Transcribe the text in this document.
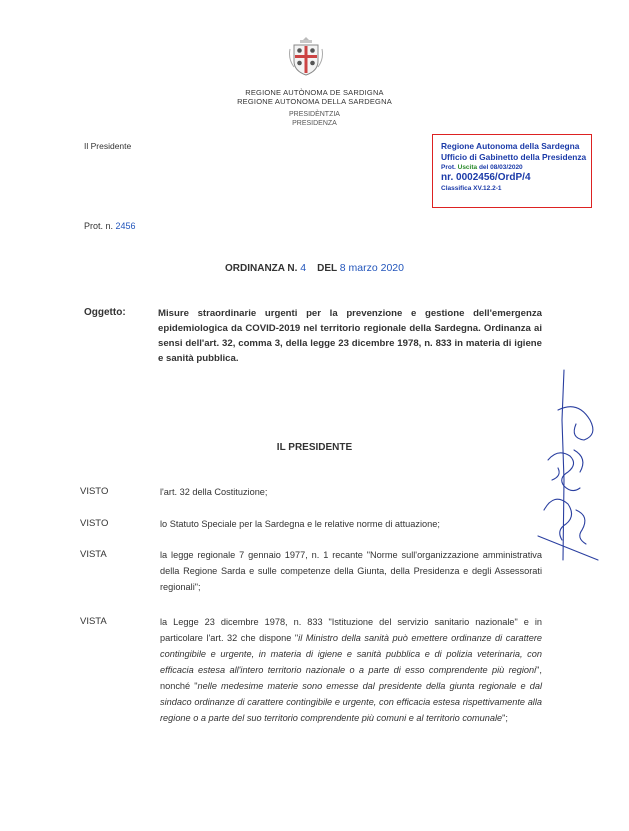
REGIONE AUTÒNOMA DE SARDIGNA
REGIONE AUTONOMA DELLA SARDEGNA
PRESIDÈNTZIA
PRESIDENZA
Il Presidente	Regione Autonoma della Sardegna
Ufficio di Gabinetto della Presidenza
Prot. Uscita del 08/03/2020
nr. 0002456/OrdP/4
Classifica XV.12.2-1
Prot. n. 2456
ORDINANZA N. 4 DEL 8 marzo 2020
Oggetto:	Misure straordinarie urgenti per la prevenzione e gestione dell'emergenza epidemiologica da COVID-2019 nel territorio regionale della Sardegna. Ordinanza ai sensi dell'art. 32, comma 3, della legge 23 dicembre 1978, n. 833 in materia di igiene e sanità pubblica.
IL PRESIDENTE
VISTO	l'art. 32 della Costituzione;
VISTO	lo Statuto Speciale per la Sardegna e le relative norme di attuazione;
VISTA	la legge regionale 7 gennaio 1977, n. 1 recante "Norme sull'organizzazione amministrativa della Regione Sarda e sulle competenze della Giunta, della Presidenza e degli Assessorati regionali";
VISTA	la Legge 23 dicembre 1978, n. 833 "Istituzione del servizio sanitario nazionale" e in particolare l'art. 32 che dispone "il Ministro della sanità può emettere ordinanze di carattere contingibile e urgente, in materia di igiene e sanità pubblica e di polizia veterinaria, con efficacia estesa all'intero territorio nazionale o a parte di esso comprendente più regioni", nonché "nelle medesime materie sono emesse dal presidente della giunta regionale e dal sindaco ordinanze di carattere contingibile e urgente, con efficacia estesa rispettivamente alla regione o a parte del suo territorio comprendente più comuni e al territorio comunale";
